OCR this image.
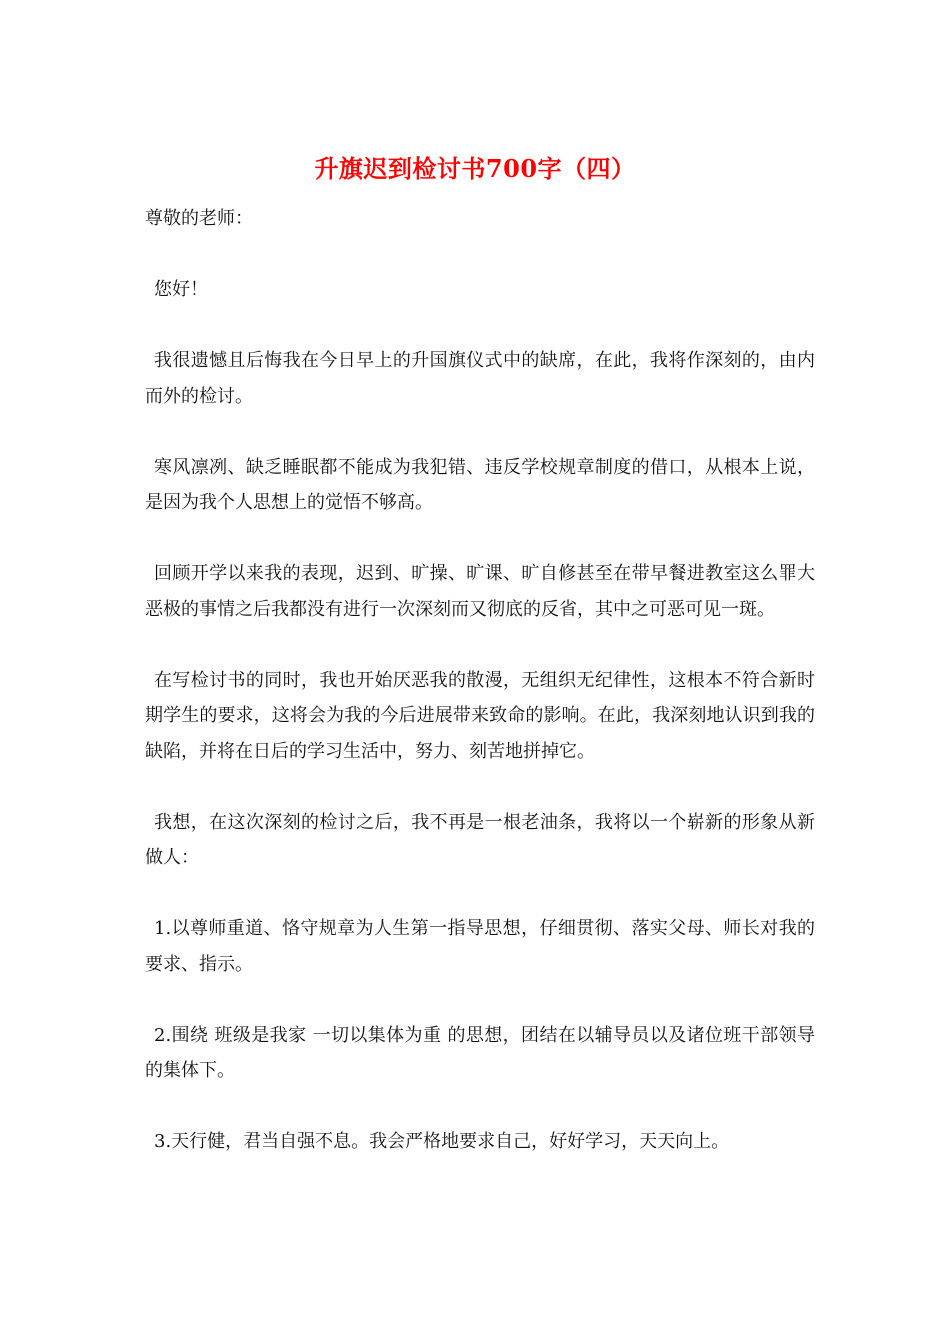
升旗迟到检讨书700字（四）

尊敬的老师：

您好！

我很遗憾且后悔我在今日早上的升国旗仪式中的缺席，在此，我将作深刻的，由内而外的检讨。

寒风凛冽、缺乏睡眠都不能成为我犯错、违反学校规章制度的借口，从根本上说，是因为我个人思想上的觉悟不够高。

回顾开学以来我的表现，迟到、旷操、旷课、旷自修甚至在带早餐进教室这么罪大恶极的事情之后我都没有进行一次深刻而又彻底的反省，其中之可恶可见一斑。

在写检讨书的同时，我也开始厌恶我的散漫，无组织无纪律性，这根本不符合新时期学生的要求，这将会为我的今后进展带来致命的影响。在此，我深刻地认识到我的缺陷，并将在日后的学习生活中，努力、刻苦地拼掉它。

我想，在这次深刻的检讨之后，我不再是一根老油条，我将以一个崭新的形象从新做人：

1.以尊师重道、恪守规章为人生第一指导思想，仔细贯彻、落实父母、师长对我的要求、指示。

2.围绕 班级是我家 一切以集体为重 的思想，团结在以辅导员以及诸位班干部领导的集体下。

3.天行健，君当自强不息。我会严格地要求自己，好好学习，天天向上。
